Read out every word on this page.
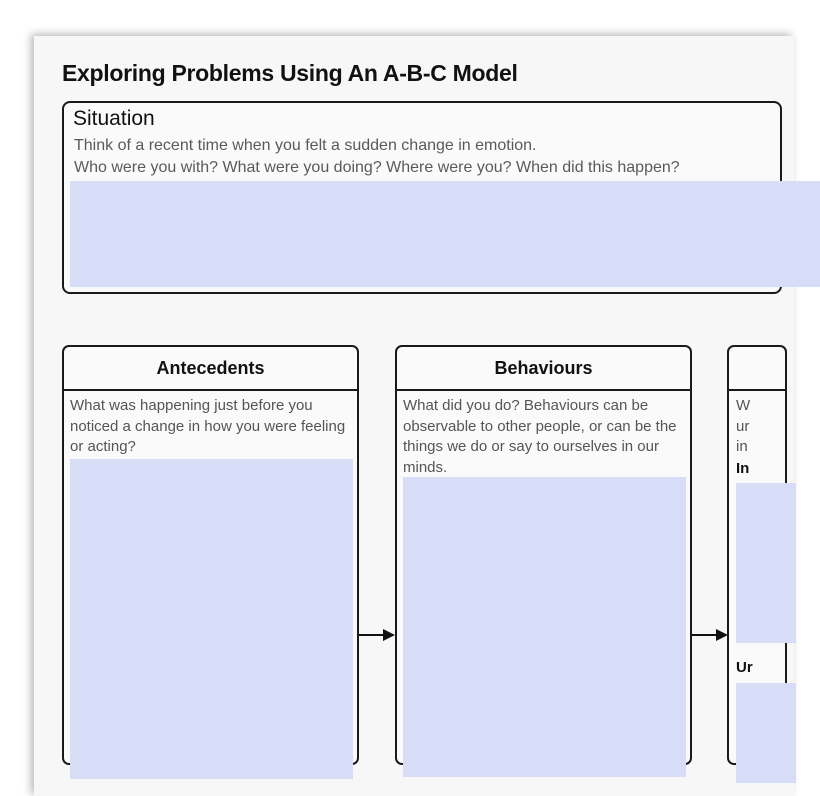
Exploring Problems Using An A-B-C Model
Situation
Think of a recent time when you felt a sudden change in emotion.
Who were you with? What were you doing? Where were you? When did this happen?
Antecedents
What was happening just before you noticed a change in how you were feeling or acting?
Behaviours
What did you do? Behaviours can be observable to other people, or can be the things we do or say to ourselves in our minds.
W
ur
in
In
Ur
